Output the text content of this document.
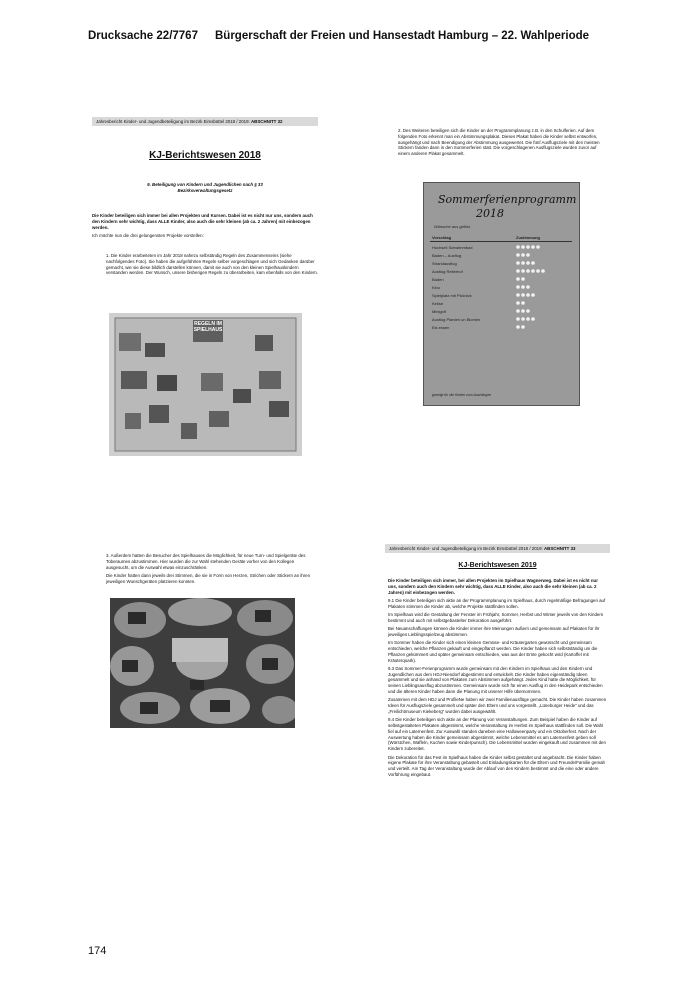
Drucksache 22/7767 Bürgerschaft der Freien und Hansestadt Hamburg – 22. Wahlperiode
Jahresbericht Kinder- und Jugendbeteiligung im Bezirk Eimsbüttel 2018 / 2019: ABSCHNITT 32
KJ-Berichtswesen 2018
9. Beteiligung von Kindern und Jugendlichen nach § 33 Bezirksverwaltungsgesetz

Die Kinder beteiligen sich immer bei allen Projekten und Kursen. Dabei ist es nicht nur uns, sondern auch den Kindern sehr wichtig, dass ALLE Kinder, also auch die sehr kleinen (ab ca. 2 Jahren) mit einbezogen werden.

Ich möchte nun die drei gelungensten Projekte vorstellen:

1. Die Kinder erarbeiteten im Jahr 2018 nahezu selbständig Regeln des Zusammenseins (siehe nachfolgendes Foto). Sie haben die aufgeführten Regeln selber vorgeschlagen und sich Gedanken darüber gemacht, wie sie diese bildlich darstellen können, damit sie auch von den kleinen Spielhauskindern verstanden werden. Der Wunsch, unsere bisherigen Regeln zu überarbeiten, kam ebenfalls von den Kindern.
REGELN IM SPIELHAUS
2. Des Weiteren beteiligen sich die Kinder an der Programmplanung z.B. in den Schulferien. Auf dem folgenden Foto erkennt man ein Abstimmungsplakat. Dieses Plakat haben die Kinder selbst entworfen, ausgehängt und nach Beendigung der Abstimmung ausgewertet. Die fünf Ausflugsziele mit den meisten Stickern fanden dann in den Sommerferien statt. Die vorgeschlagenen Ausflugsziele wurden zuvor auf einem anderen Plakat gesammelt.
Sommerferienprogramm
2018
Wünsche aus gelöst
Vorschlag	Zustimmung
Hochseil Schwimmbad
Baden – Ausflug
Strandausflug
Ausflug Reiterhof
Baden
Kino
Spielplatz mit Picknick
Kekse
Minigolf
Ausflug Planten un Blomen
Eis essen
gezeigt für die Kinder zum Aushängen

3. Außerdem hatten die Besucher des Spielhauses die Möglichkeit, für neue Turn- und Spielgeräte des Toberaumes abzustimmen. Hier wurden die zur Wahl stehenden Geräte vorher von den Kollegen ausgesucht, um die Auswahl etwas einzuschränken.

Die Kinder hatten dann jeweils drei Stimmen, die sie in Form von Herzen, Strichen oder Stickern an ihren jeweiligen Wunschgeräten platzieren konnten.

Jahresbericht Kinder- und Jugendbeteiligung im Bezirk Eimsbüttel 2018 / 2019: ABSCHNITT 33
KJ-Berichtswesen 2019

Die Kinder beteiligen sich immer, bei allen Projekten im Spielhaus Wagnerweg. Dabei ist es nicht nur uns, sondern auch den Kindern sehr wichtig, dass ALLE Kinder, also auch die sehr kleinen (ab ca. 2 Jahren) mit einbezogen werden.

9.1 Die Kinder beteiligen sich aktiv an der Programmplanung im Spielhaus, durch regelmäßige Befragungen auf Plakaten stimmen die Kinder ab, welche Projekte stattfinden sollen.

Im Spielhaus wird die Gestaltung der Fenster im Frühjahr, Sommer, Herbst und Winter jeweils von den Kindern bestimmt und auch mit selbstgebastelter Dekoration ausgeführt.

Bei Neuanschaffungen können die Kinder immer ihre Meinungen äußern und gemeinsam auf Plakaten für ihr jeweiliges Lieblingsspielzeug abstimmen.

Im Sommer haben die Kinder sich einen kleinen Gemüse- und Kräutergarten gewünscht und gemeinsam entschieden, welche Pflanzen gekauft und eingepflanzt werden. Die Kinder haben sich selbstständig um die Pflanzen gekümmert und später gemeinsam entschieden, was aus der Ernte gekocht wird (Kartoffel mit Kräuterquark).

9.3 Das Sommer-Ferienprogramm wurde gemeinsam mit den Kindern im Spielhaus und den Kindern und Jugendlichen aus dem HDJ-Niendorf abgestimmt und entwickelt. Die Kinder haben eigenständig Ideen gesammelt und sie anhand von Plakaten zum Abstimmen aufgehängt. Jedes Kind hatte die Möglichkeit, für seinen Lieblingsausflug abzustimmen. Gemeinsam wurde sich für einen Ausflug in den Heidepark entschieden und die älteren Kinder haben dann die Planung mit unserer Hilfe übernommen.

Zusammen mit dem HDJ und ProfileNe haben wir zwei Familienausflüge gemacht. Die Kinder haben zusammen Ideen für Ausflugsziele gesammelt und später den Eltern und uns vorgestellt. „Lüneburger Heide" und das „Freilichtmuseum Kiekeberg" wurden dabei ausgewählt.

9.4 Die Kinder beteiligen sich aktiv an der Planung von Veranstaltungen. Zum Beispiel haben die Kinder auf selbstgestalteten Plakaten abgestimmt, welche Veranstaltung im Herbst im Spielhaus stattfinden soll. Die Wahl fiel auf ein Laternenfest. Zur Auswahl standen daneben eine Halloweenparty und ein Oktoberfest. Nach der Auswertung haben die Kinder gemeinsam abgestimmt, welche Lebensmittel es am Laternenfest geben soll (Würstchen, Waffeln, Kuchen sowie Kinderpunsch). Die Lebensmittel wurden eingekauft und zusammen mit den Kindern zubereitet.

Die Dekoration für das Fest im Spielhaus haben die Kinder selbst gestaltet und angebracht. Die Kinder haben eigene Plakate für ihre Veranstaltung gebastelt und Einladungskarten für die Eltern und Freunde/Familie gemalt und verteilt. Am Tag der Veranstaltung wurde der Ablauf von den Kindern bestimmt und die eine oder andere Vorführung eingebaut.

174
